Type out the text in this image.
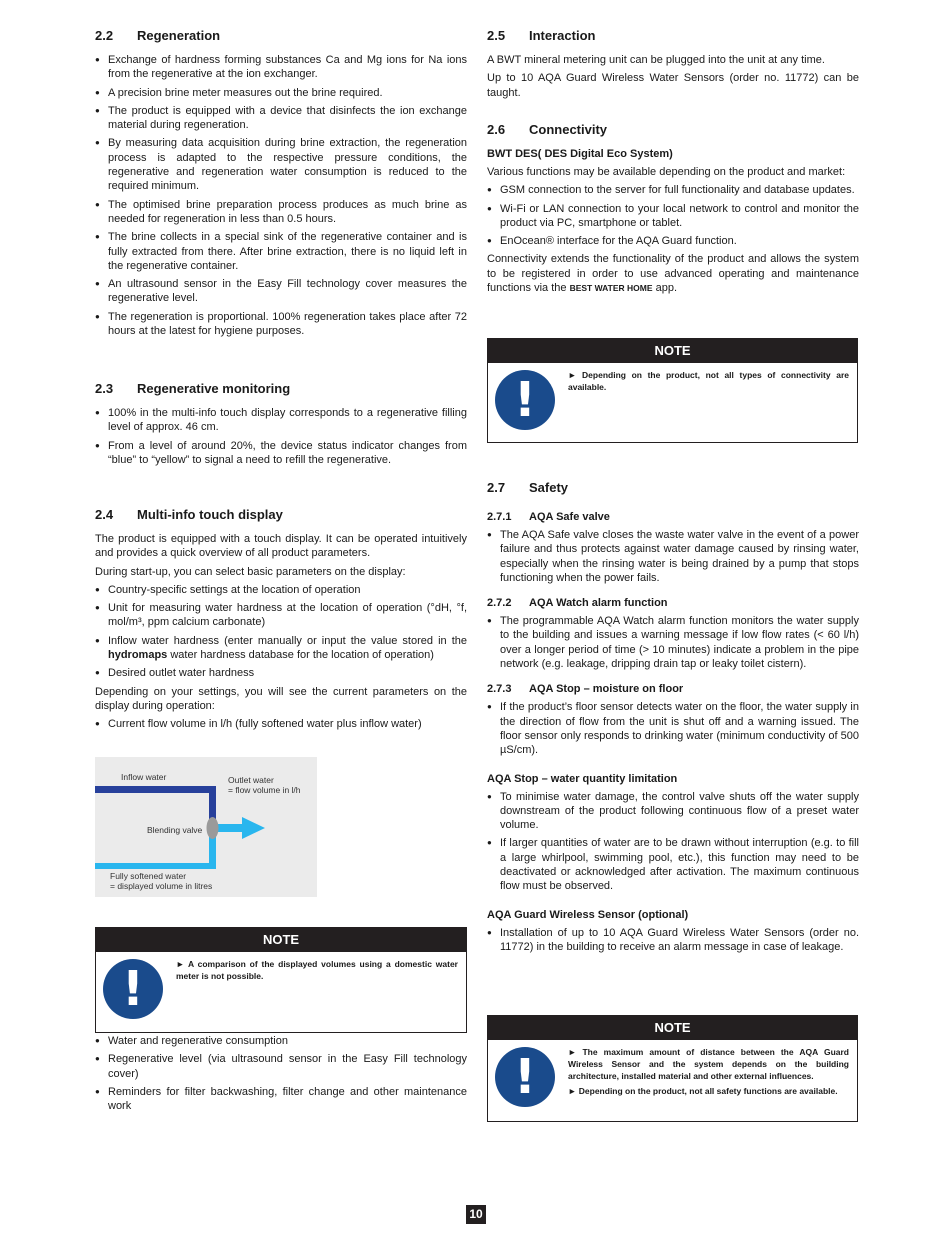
2.2 Regeneration
● Exchange of hardness forming substances Ca and Mg ions for Na ions from the regenerative at the ion exchanger.
● A precision brine meter measures out the brine required.
● The product is equipped with a device that disinfects the ion exchange material during regeneration.
● By measuring data acquisition during brine extraction, the regeneration process is adapted to the respective pressure conditions, the regenerative and regeneration water consumption is reduced to the required minimum.
● The optimised brine preparation process produces as much brine as needed for regeneration in less than 0.5 hours.
● The brine collects in a special sink of the regenerative container and is fully extracted from there. After brine extraction, there is no liquid left in the regenerative container.
● An ultrasound sensor in the Easy Fill technology cover measures the regenerative level.
● The regeneration is proportional. 100% regeneration takes place after 72 hours at the latest for hygiene purposes.
2.3 Regenerative monitoring
● 100% in the multi-info touch display corresponds to a regenerative filling level of approx. 46 cm.
● From a level of around 20%, the device status indicator changes from “blue” to “yellow” to signal a need to refill the regenerative.
2.4 Multi-info touch display

The product is equipped with a touch display. It can be operated intuitively and provides a quick overview of all product parameters.

During start-up, you can select basic parameters on the display:

● Country-specific settings at the location of operation
● Unit for measuring water hardness at the location of operation (°dH, °f, mol/m³, ppm calcium carbonate)
● Inflow water hardness (enter manually or input the value stored in the hydromaps water hardness database for the location of operation)
● Desired outlet water hardness

Depending on your settings, you will see the current parameters on the display during operation:

● Current flow volume in l/h (fully softened water plus inflow water)
Inflow water	Outlet water
= flow volume in l/h
Blending valve
Fully softened water
= displayed volume in litres
NOTE
!	► A comparison of the displayed volumes using a domestic water meter is not possible.
● Water and regenerative consumption
● Regenerative level (via ultrasound sensor in the Easy Fill technology cover)
● Reminders for filter backwashing, filter change and other maintenance work
2.5 Interaction

A BWT mineral metering unit can be plugged into the unit at any time.

Up to 10 AQA Guard Wireless Water Sensors (order no. 11772) can be taught.

2.6 Connectivity
BWT DES( DES Digital Eco System)

Various functions may be available depending on the product and market:

● GSM connection to the server for full functionality and database updates.
● Wi-Fi or LAN connection to your local network to control and monitor the product via PC, smartphone or tablet.
● EnOcean® interface for the AQA Guard function.

Connectivity extends the functionality of the product and allows the system to be registered in order to use advanced operating and maintenance functions via the BEST WATER HOME app.

NOTE
!	► Depending on the product, not all types of connectivity are available.
2.7 Safety
2.7.1 AQA Safe valve
● The AQA Safe valve closes the waste water valve in the event of a power failure and thus protects against water damage caused by rinsing water, especially when the rinsing water is being drained by a pump that stops functioning when the power fails.
2.7.2 AQA Watch alarm function
● The programmable AQA Watch alarm function monitors the water supply to the building and issues a warning message if low flow rates (< 60 l/h) over a longer period of time (> 10 minutes) indicate a problem in the pipe network (e.g. leakage, dripping drain tap or leaky toilet cistern).
2.7.3 AQA Stop – moisture on floor
● If the product’s floor sensor detects water on the floor, the water supply in the direction of flow from the unit is shut off and a warning issued. The floor sensor only responds to drinking water (minimum conductivity of 500 µS/cm).
AQA Stop – water quantity limitation
● To minimise water damage, the control valve shuts off the water supply downstream of the product following continuous flow of a preset water volume.
● If larger quantities of water are to be drawn without interruption (e.g. to fill a large whirlpool, swimming pool, etc.), this function may need to be deactivated or acknowledged after activation. The maximum continuous flow must be observed.
AQA Guard Wireless Sensor (optional)
● Installation of up to 10 AQA Guard Wireless Water Sensors (order no. 11772) in the building to receive an alarm message in case of leakage.
NOTE
!	► The maximum amount of distance between the AQA Guard Wireless Sensor and the system depends on the building architecture, installed material and other external influences.
► Depending on the product, not all safety functions are available.
10
